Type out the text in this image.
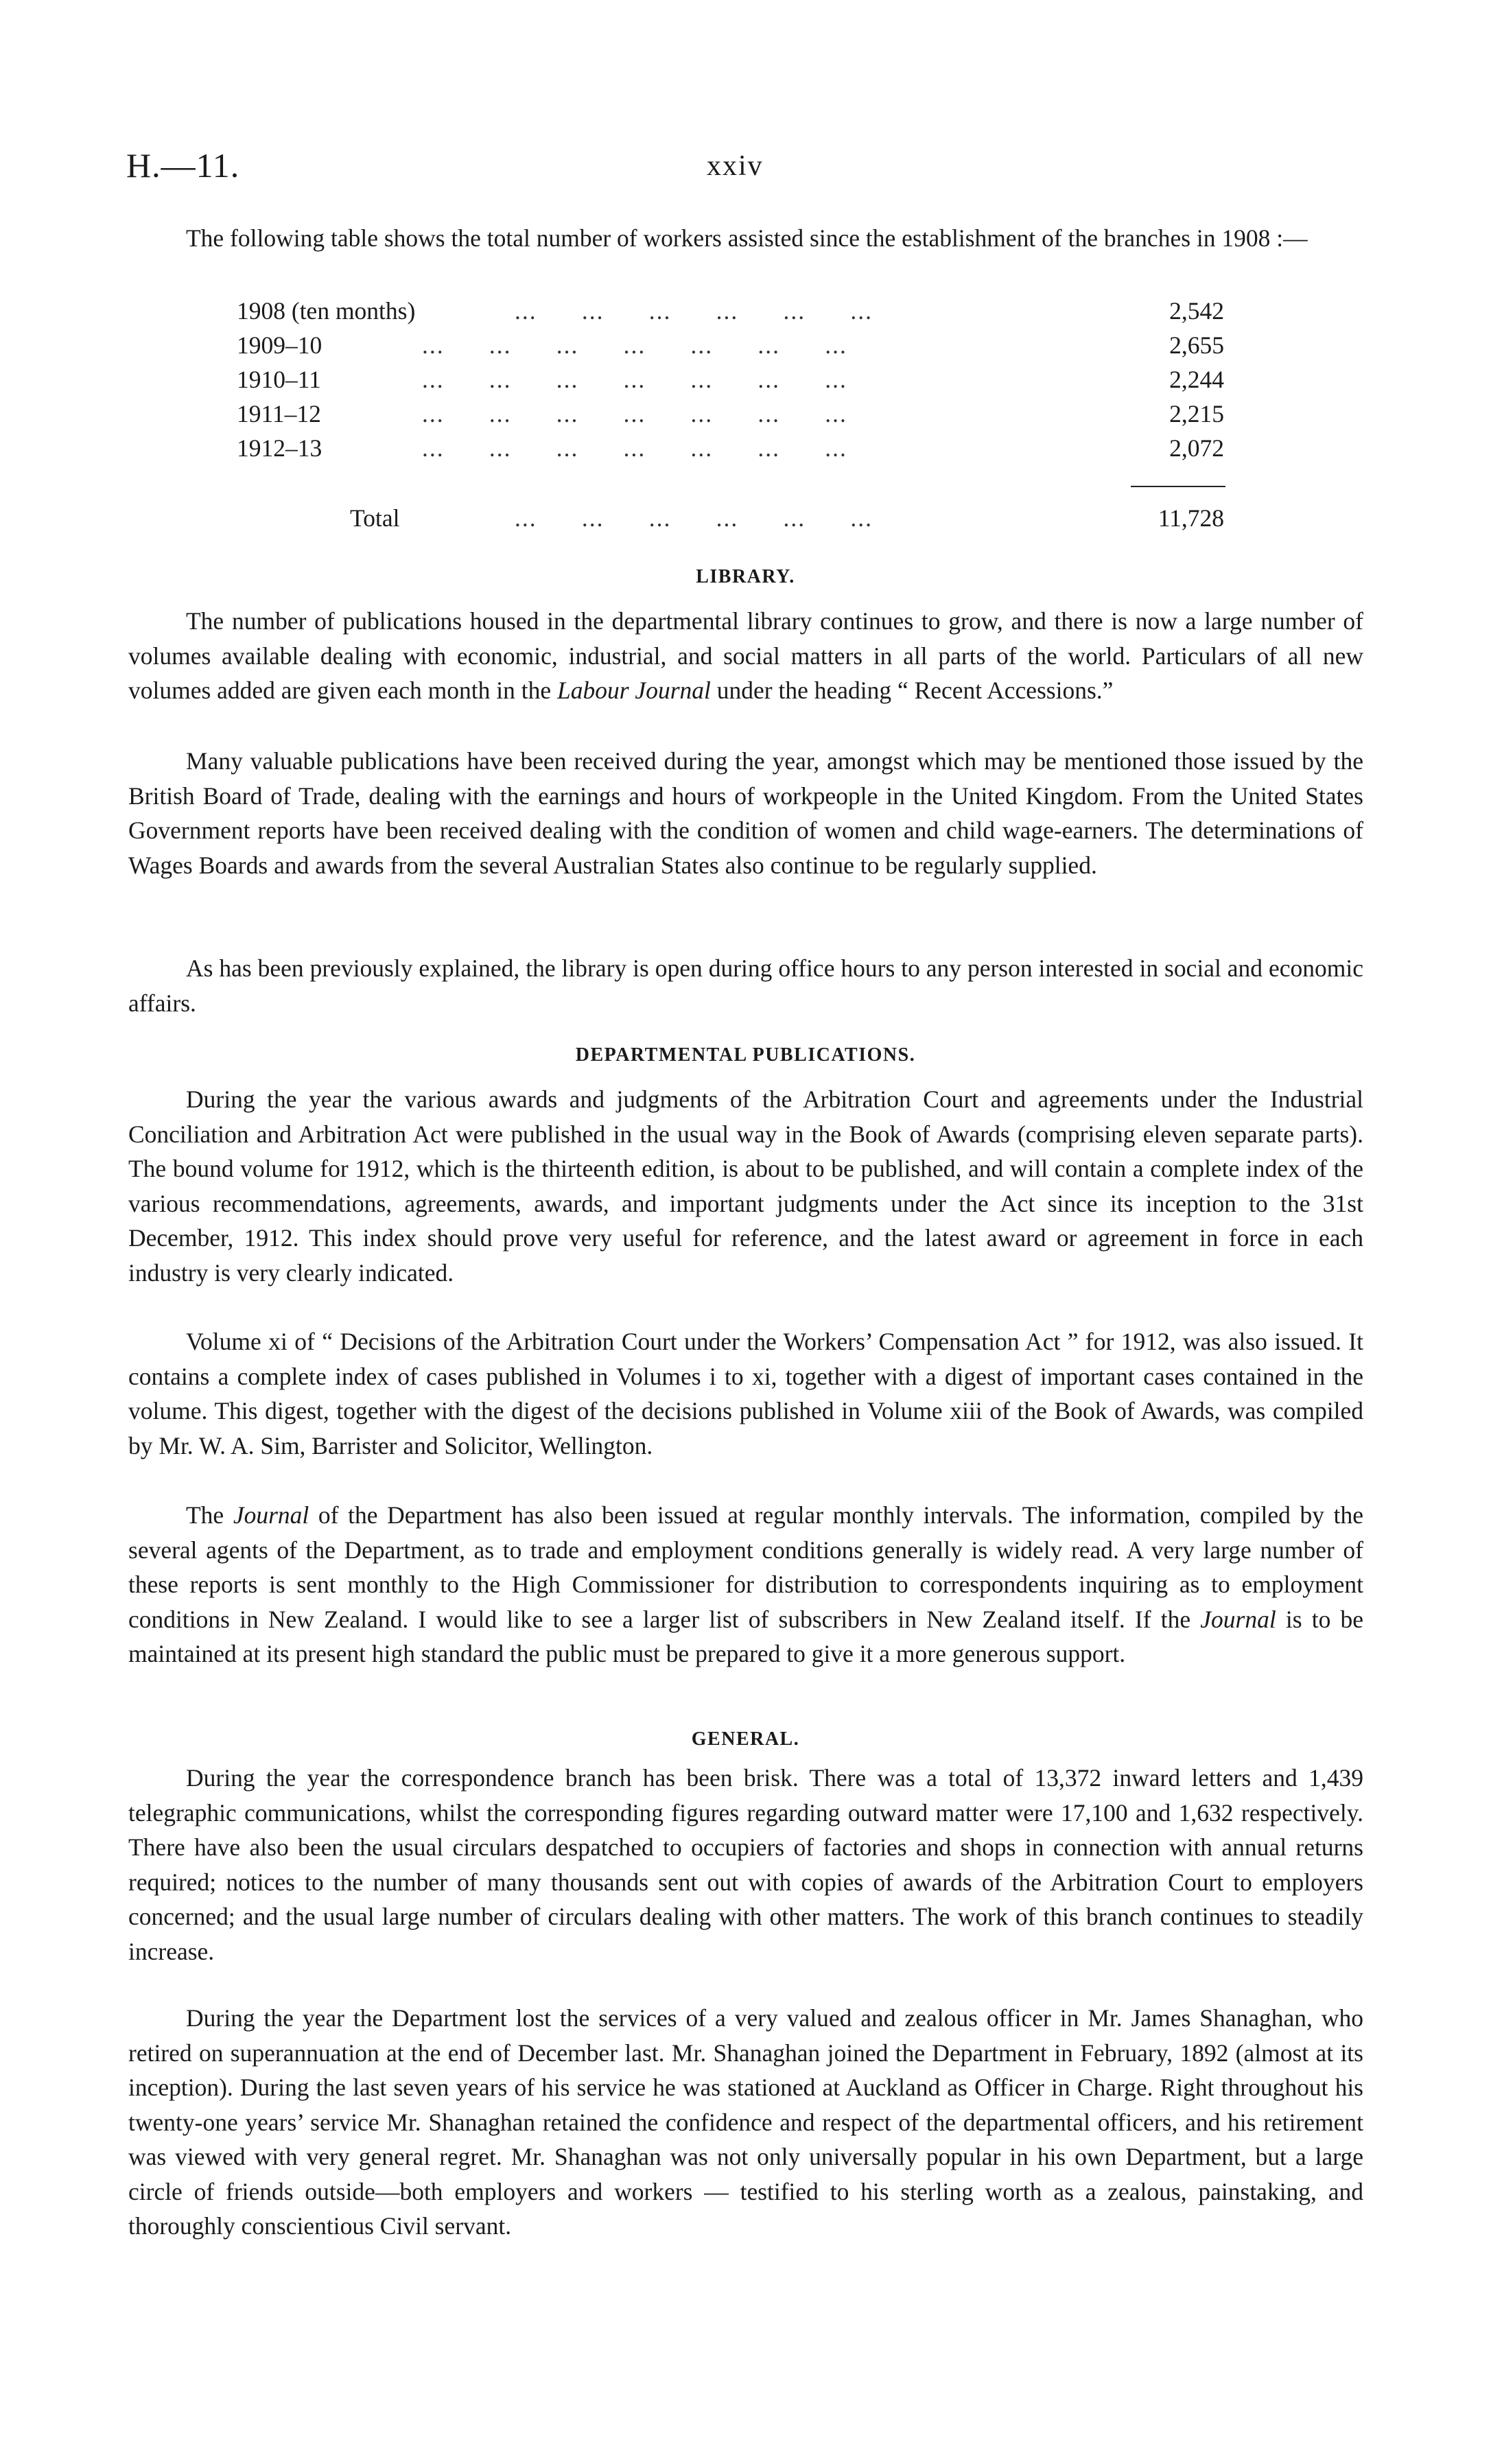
H.—11.	xxiv

The following table shows the total number of workers assisted since the establishment of the branches in 1908 :—

1908 (ten months)	...      ...      ...      ...      ...      ...	2,542
1909–10	...      ...      ...      ...      ...      ...      ...	2,655
1910–11	...      ...      ...      ...      ...      ...      ...	2,244
1911–12	...      ...      ...      ...      ...      ...      ...	2,215
1912–13	...      ...      ...      ...      ...      ...      ...	2,072
Total	...      ...      ...      ...      ...      ...	11,728
LIBRARY.

The number of publications housed in the departmental library continues to grow, and there is now a large number of volumes available dealing with economic, industrial, and social matters in all parts of the world. Particulars of all new volumes added are given each month in the Labour Journal under the heading “ Recent Accessions.”

Many valuable publications have been received during the year, amongst which may be mentioned those issued by the British Board of Trade, dealing with the earnings and hours of workpeople in the United Kingdom. From the United States Government reports have been received dealing with the condition of women and child wage-earners. The determinations of Wages Boards and awards from the several Australian States also continue to be regularly supplied.

As has been previously explained, the library is open during office hours to any person interested in social and economic affairs.

DEPARTMENTAL PUBLICATIONS.

During the year the various awards and judgments of the Arbitration Court and agreements under the Industrial Conciliation and Arbitration Act were published in the usual way in the Book of Awards (comprising eleven separate parts). The bound volume for 1912, which is the thirteenth edition, is about to be published, and will contain a complete index of the various recommendations, agreements, awards, and important judgments under the Act since its inception to the 31st December, 1912. This index should prove very useful for reference, and the latest award or agreement in force in each industry is very clearly indicated.

Volume xi of “ Decisions of the Arbitration Court under the Workers’ Compensation Act ” for 1912, was also issued. It contains a complete index of cases published in Volumes i to xi, together with a digest of important cases contained in the volume. This digest, together with the digest of the decisions published in Volume xiii of the Book of Awards, was compiled by Mr. W. A. Sim, Barrister and Solicitor, Wellington.

The Journal of the Department has also been issued at regular monthly intervals. The information, compiled by the several agents of the Department, as to trade and employment conditions generally is widely read. A very large number of these reports is sent monthly to the High Commissioner for distribution to correspondents inquiring as to employment conditions in New Zealand. I would like to see a larger list of subscribers in New Zealand itself. If the Journal is to be maintained at its present high standard the public must be prepared to give it a more generous support.

GENERAL.

During the year the correspondence branch has been brisk. There was a total of 13,372 inward letters and 1,439 telegraphic communications, whilst the corresponding figures regarding outward matter were 17,100 and 1,632 respectively. There have also been the usual circulars despatched to occupiers of factories and shops in connection with annual returns required; notices to the number of many thousands sent out with copies of awards of the Arbitration Court to employers concerned; and the usual large number of circulars dealing with other matters. The work of this branch continues to steadily increase.

During the year the Department lost the services of a very valued and zealous officer in Mr. James Shanaghan, who retired on superannuation at the end of December last. Mr. Shanaghan joined the Department in February, 1892 (almost at its inception). During the last seven years of his service he was stationed at Auckland as Officer in Charge. Right throughout his twenty-one years’ service Mr. Shanaghan retained the confidence and respect of the departmental officers, and his retirement was viewed with very general regret. Mr. Shanaghan was not only universally popular in his own Department, but a large circle of friends outside—both employers and workers — testified to his sterling worth as a zealous, painstaking, and thoroughly conscientious Civil servant.
